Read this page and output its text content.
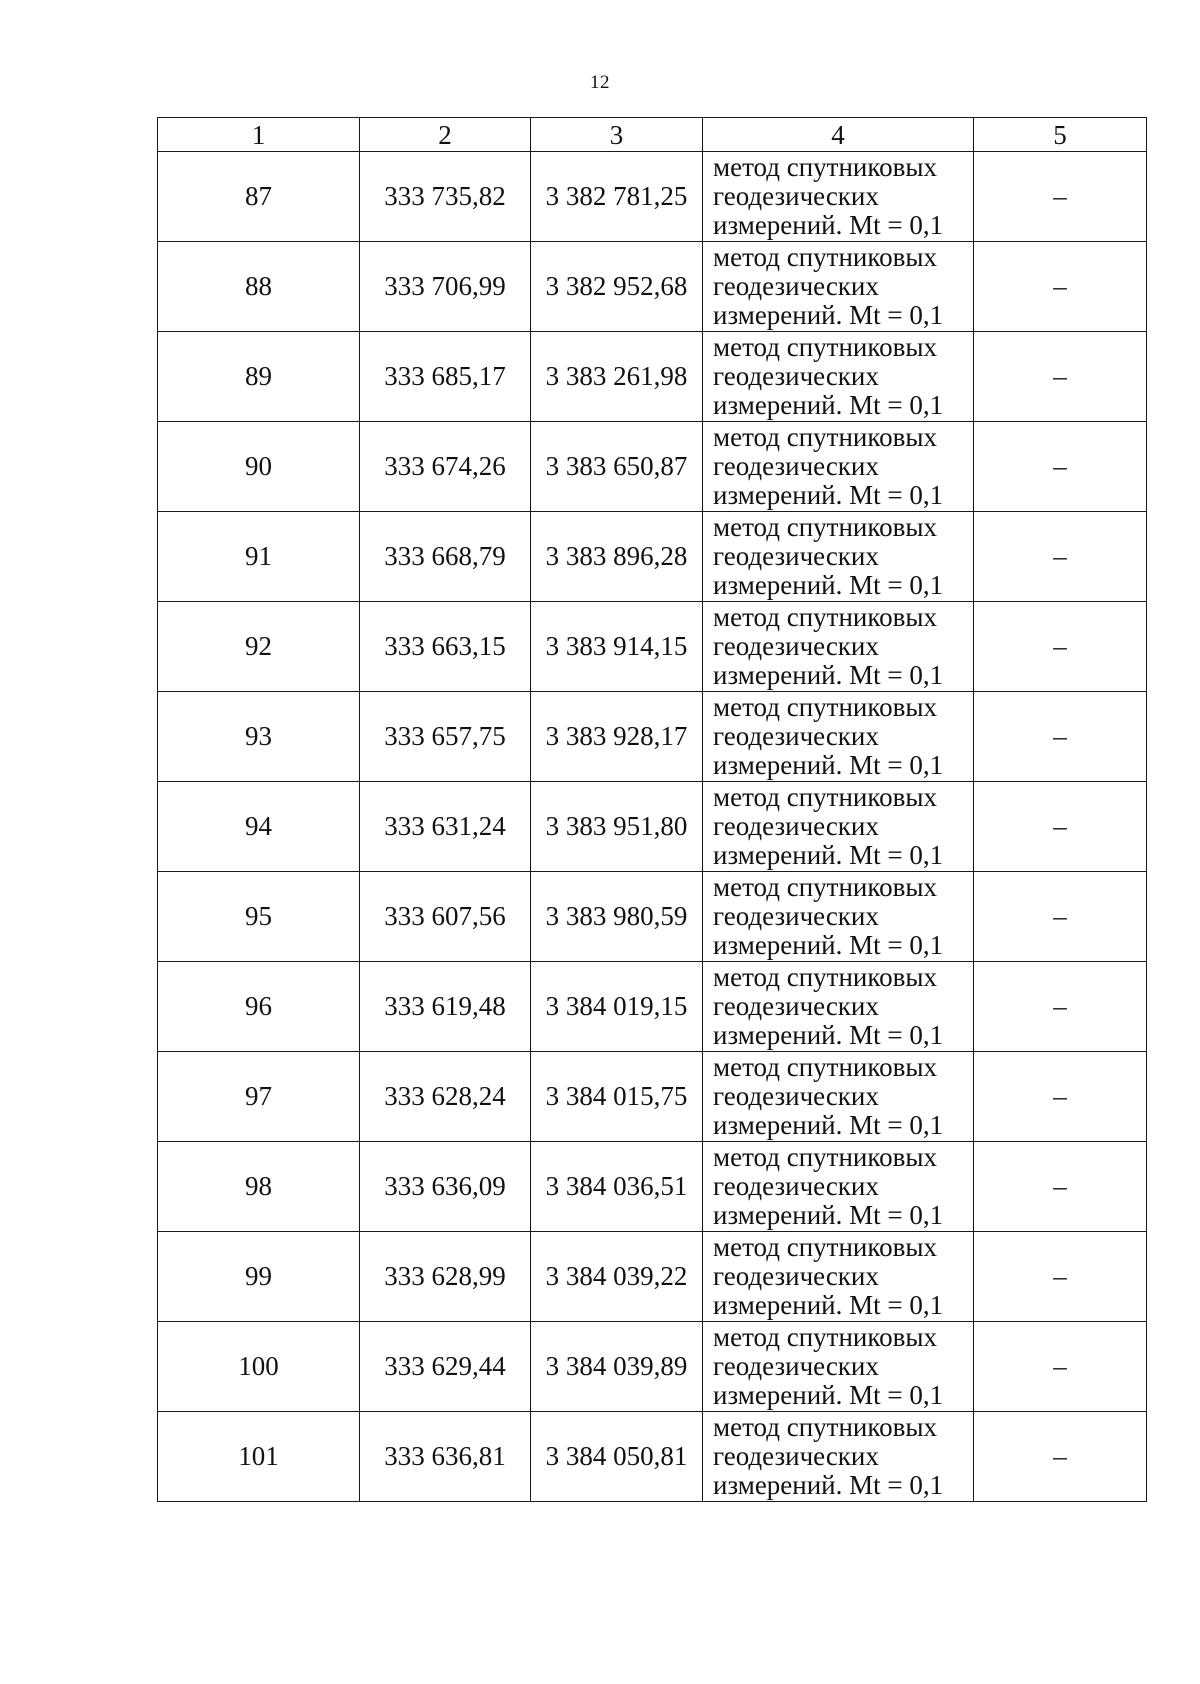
12
1	2	3	4	5
87	333 735,82	3 382 781,25	метод спутниковых
геодезических
измерений. Mt = 0,1	–
88	333 706,99	3 382 952,68	метод спутниковых
геодезических
измерений. Mt = 0,1	–
89	333 685,17	3 383 261,98	метод спутниковых
геодезических
измерений. Mt = 0,1	–
90	333 674,26	3 383 650,87	метод спутниковых
геодезических
измерений. Mt = 0,1	–
91	333 668,79	3 383 896,28	метод спутниковых
геодезических
измерений. Mt = 0,1	–
92	333 663,15	3 383 914,15	метод спутниковых
геодезических
измерений. Mt = 0,1	–
93	333 657,75	3 383 928,17	метод спутниковых
геодезических
измерений. Mt = 0,1	–
94	333 631,24	3 383 951,80	метод спутниковых
геодезических
измерений. Mt = 0,1	–
95	333 607,56	3 383 980,59	метод спутниковых
геодезических
измерений. Mt = 0,1	–
96	333 619,48	3 384 019,15	метод спутниковых
геодезических
измерений. Mt = 0,1	–
97	333 628,24	3 384 015,75	метод спутниковых
геодезических
измерений. Mt = 0,1	–
98	333 636,09	3 384 036,51	метод спутниковых
геодезических
измерений. Mt = 0,1	–
99	333 628,99	3 384 039,22	метод спутниковых
геодезических
измерений. Mt = 0,1	–
100	333 629,44	3 384 039,89	метод спутниковых
геодезических
измерений. Mt = 0,1	–
101	333 636,81	3 384 050,81	метод спутниковых
геодезических
измерений. Mt = 0,1	–
